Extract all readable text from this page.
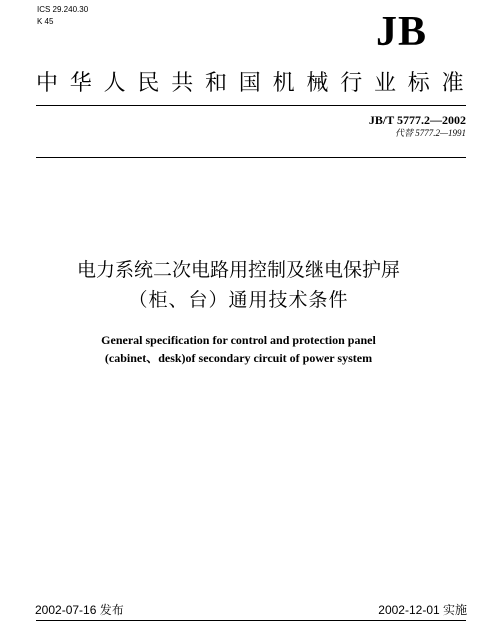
ICS 29.240.30
K 45	JB
中华人民共和国机械行业标准
JB/T 5777.2—2002
代替 5777.2—1991
电力系统二次电路用控制及继电保护屏
（柜、台）通用技术条件
General specification for control and protection panel
(cabinet、desk)of secondary circuit of power system
2002-07-16 发布	2002-12-01 实施
